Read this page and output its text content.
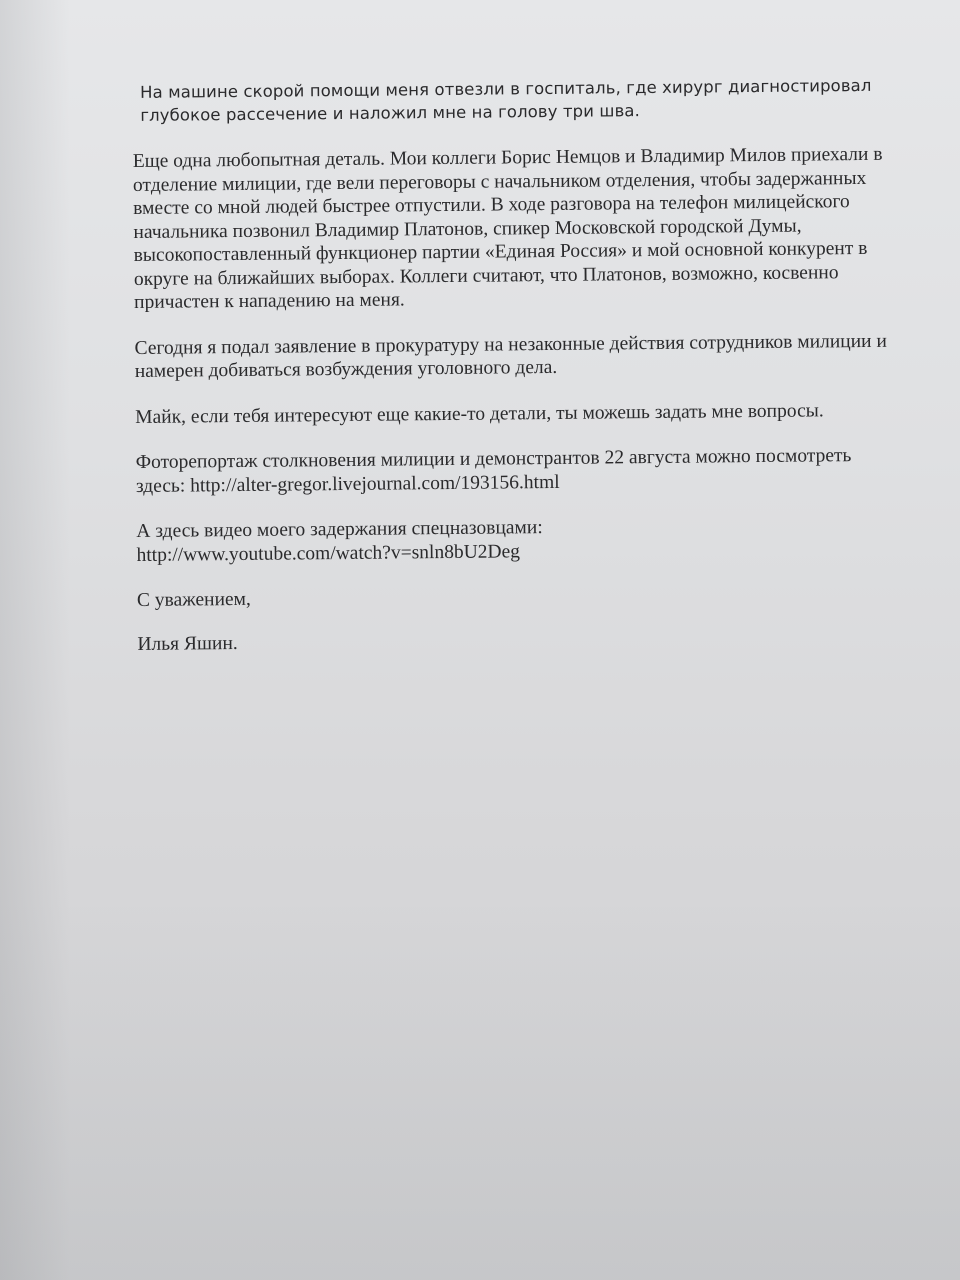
На машине скорой помощи меня отвезли в госпиталь, где хирург диагностировал
глубокое рассечение и наложил мне на голову три шва.

Еще одна любопытная деталь. Мои коллеги Борис Немцов и Владимир Милов приехали в
отделение милиции, где вели переговоры с начальником отделения, чтобы задержанных
вместе со мной людей быстрее отпустили. В ходе разговора на телефон милицейского
начальника позвонил Владимир Платонов, спикер Московской городской Думы,
высокопоставленный функционер партии «Единая Россия» и мой основной конкурент в
округе на ближайших выборах. Коллеги считают, что Платонов, возможно, косвенно
причастен к нападению на меня.

Сегодня я подал заявление в прокуратуру на незаконные действия сотрудников милиции и
намерен добиваться возбуждения уголовного дела.

Майк, если тебя интересуют еще какие-то детали, ты можешь задать мне вопросы.

Фоторепортаж столкновения милиции и демонстрантов 22 августа можно посмотреть
здесь: http://alter-gregor.livejournal.com/193156.html

А здесь видео моего задержания спецназовцами:
http://www.youtube.com/watch?v=snln8bU2Deg

С уважением,

Илья Яшин.
